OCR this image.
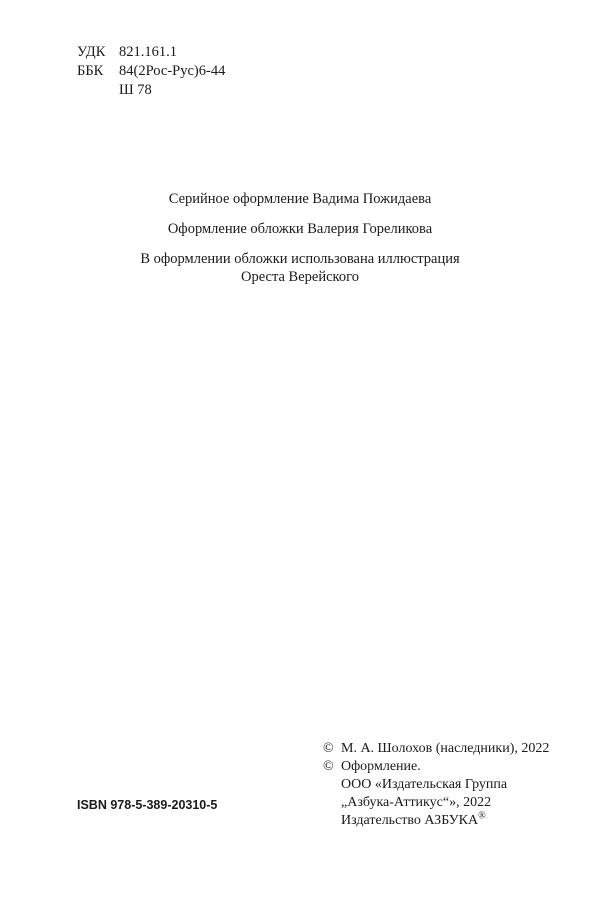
УДК 821.161.1
ББК	84(2Рос-Рус)6-44
Ш 78
Серийное оформление Вадима Пожидаева
Оформление обложки Валерия Гореликова
В оформлении обложки использована иллюстрация
Ореста Верейского
© М. А. Шолохов (наследники), 2022
© Оформление.
ООО «Издательская Группа
„Азбука-Аттикус“», 2022
Издательство АЗБУКА®
ISBN 978-5-389-20310-5
